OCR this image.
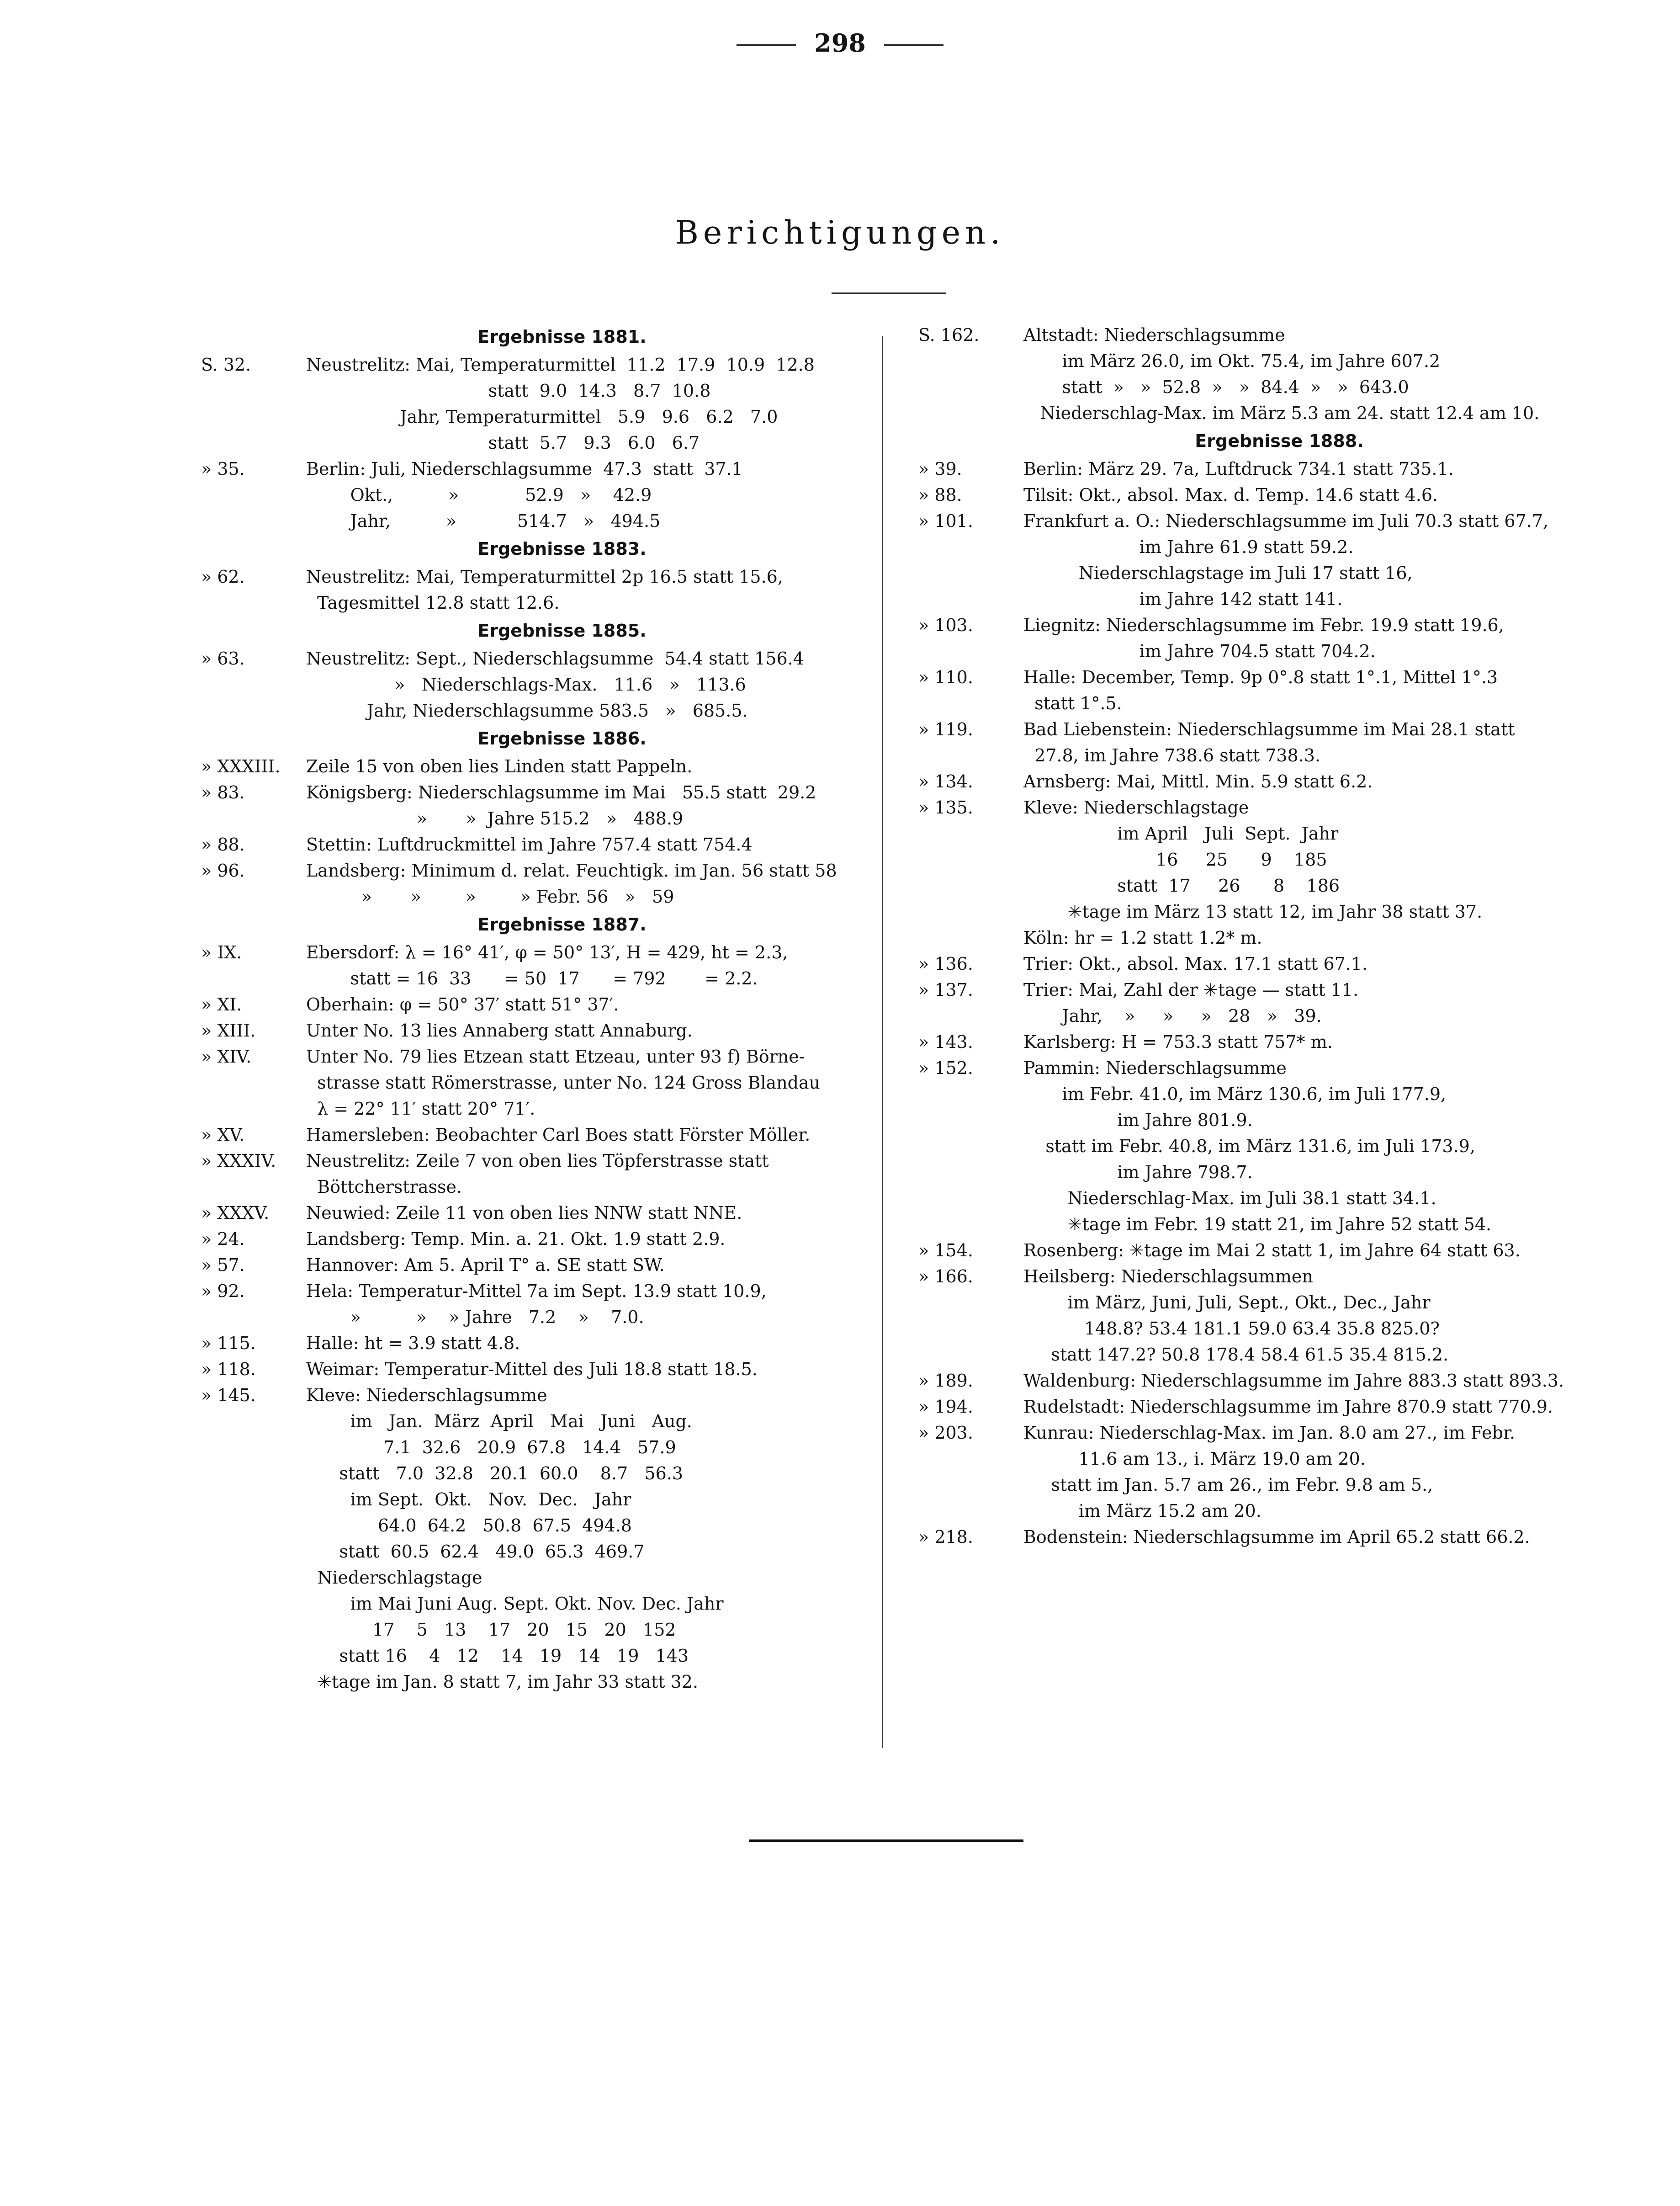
298
Berichtigungen.
Ergebnisse 1881.
S. 32.	Neustrelitz: Mai, Temperaturmittel  11.2  17.9  10.9  12.8
statt  9.0  14.3   8.7  10.8
Jahr, Temperaturmittel   5.9   9.6   6.2   7.0
statt  5.7   9.3   6.0   6.7
» 35.	Berlin: Juli, Niederschlagsumme  47.3  statt  37.1
Okt.,          »            52.9   »    42.9
Jahr,          »           514.7   »   494.5
Ergebnisse 1883.
» 62.	Neustrelitz: Mai, Temperaturmittel 2p 16.5 statt 15.6,
Tagesmittel 12.8 statt 12.6.
Ergebnisse 1885.
» 63.	Neustrelitz: Sept., Niederschlagsumme  54.4 statt 156.4
»   Niederschlags-Max.   11.6   »   113.6
Jahr, Niederschlagsumme 583.5   »   685.5.
Ergebnisse 1886.
» XXXIII.	Zeile 15 von oben lies Linden statt Pappeln.
» 83.	Königsberg: Niederschlagsumme im Mai   55.5 statt  29.2
»       »  Jahre 515.2   »   488.9
» 88.	Stettin: Luftdruckmittel im Jahre 757.4 statt 754.4
» 96.	Landsberg: Minimum d. relat. Feuchtigk. im Jan. 56 statt 58
»       »        »        » Febr. 56   »   59
Ergebnisse 1887.
» IX.	Ebersdorf: λ = 16° 41′, φ = 50° 13′, H = 429, ht = 2.3,
statt = 16  33      = 50  17      = 792       = 2.2.
» XI.	Oberhain: φ = 50° 37′ statt 51° 37′.
» XIII.	Unter No. 13 lies Annaberg statt Annaburg.
» XIV.	Unter No. 79 lies Etzean statt Etzeau, unter 93 f) Börne-
strasse statt Römerstrasse, unter No. 124 Gross Blandau
λ = 22° 11′ statt 20° 71′.
» XV.	Hamersleben: Beobachter Carl Boes statt Förster Möller.
» XXXIV.	Neustrelitz: Zeile 7 von oben lies Töpferstrasse statt
Böttcherstrasse.
» XXXV.	Neuwied: Zeile 11 von oben lies NNW statt NNE.
» 24.	Landsberg: Temp. Min. a. 21. Okt. 1.9 statt 2.9.
» 57.	Hannover: Am 5. April T° a. SE statt SW.
» 92.	Hela: Temperatur-Mittel 7a im Sept. 13.9 statt 10.9,
»          »    » Jahre   7.2    »    7.0.
» 115.	Halle: ht = 3.9 statt 4.8.
» 118.	Weimar: Temperatur-Mittel des Juli 18.8 statt 18.5.
» 145.	Kleve: Niederschlagsumme
im   Jan.  März  April   Mai   Juni   Aug.
7.1  32.6   20.9  67.8   14.4   57.9
statt   7.0  32.8   20.1  60.0    8.7   56.3
im Sept.  Okt.   Nov.  Dec.   Jahr
64.0  64.2   50.8  67.5  494.8
statt  60.5  62.4   49.0  65.3  469.7
Niederschlagstage
im Mai Juni Aug. Sept. Okt. Nov. Dec. Jahr
17    5   13    17   20   15   20   152
statt 16    4   12    14   19   14   19   143
✳tage im Jan. 8 statt 7, im Jahr 33 statt 32.
S. 162.	Altstadt: Niederschlagsumme
im März 26.0, im Okt. 75.4, im Jahre 607.2
statt  »   »  52.8  »   »  84.4  »   »  643.0
Niederschlag-Max. im März 5.3 am 24. statt 12.4 am 10.
Ergebnisse 1888.
» 39.	Berlin: März 29. 7a, Luftdruck 734.1 statt 735.1.
» 88.	Tilsit: Okt., absol. Max. d. Temp. 14.6 statt 4.6.
» 101.	Frankfurt a. O.: Niederschlagsumme im Juli 70.3 statt 67.7,
im Jahre 61.9 statt 59.2.
Niederschlagstage im Juli 17 statt 16,
im Jahre 142 statt 141.
» 103.	Liegnitz: Niederschlagsumme im Febr. 19.9 statt 19.6,
im Jahre 704.5 statt 704.2.
» 110.	Halle: December, Temp. 9p 0°.8 statt 1°.1, Mittel 1°.3
statt 1°.5.
» 119.	Bad Liebenstein: Niederschlagsumme im Mai 28.1 statt
27.8, im Jahre 738.6 statt 738.3.
» 134.	Arnsberg: Mai, Mittl. Min. 5.9 statt 6.2.
» 135.	Kleve: Niederschlagstage
im April   Juli  Sept.  Jahr
16     25      9    185
statt  17     26      8    186
✳tage im März 13 statt 12, im Jahr 38 statt 37.
Köln: hr = 1.2 statt 1.2* m.
» 136.	Trier: Okt., absol. Max. 17.1 statt 67.1.
» 137.	Trier: Mai, Zahl der ✳tage — statt 11.
Jahr,    »     »     »   28   »   39.
» 143.	Karlsberg: H = 753.3 statt 757* m.
» 152.	Pammin: Niederschlagsumme
im Febr. 41.0, im März 130.6, im Juli 177.9,
im Jahre 801.9.
statt im Febr. 40.8, im März 131.6, im Juli 173.9,
im Jahre 798.7.
Niederschlag-Max. im Juli 38.1 statt 34.1.
✳tage im Febr. 19 statt 21, im Jahre 52 statt 54.
» 154.	Rosenberg: ✳tage im Mai 2 statt 1, im Jahre 64 statt 63.
» 166.	Heilsberg: Niederschlagsummen
im März, Juni, Juli, Sept., Okt., Dec., Jahr
148.8? 53.4 181.1 59.0 63.4 35.8 825.0?
statt 147.2? 50.8 178.4 58.4 61.5 35.4 815.2.
» 189.	Waldenburg: Niederschlagsumme im Jahre 883.3 statt 893.3.
» 194.	Rudelstadt: Niederschlagsumme im Jahre 870.9 statt 770.9.
» 203.	Kunrau: Niederschlag-Max. im Jan. 8.0 am 27., im Febr.
11.6 am 13., i. März 19.0 am 20.
statt im Jan. 5.7 am 26., im Febr. 9.8 am 5.,
im März 15.2 am 20.
» 218.	Bodenstein: Niederschlagsumme im April 65.2 statt 66.2.
